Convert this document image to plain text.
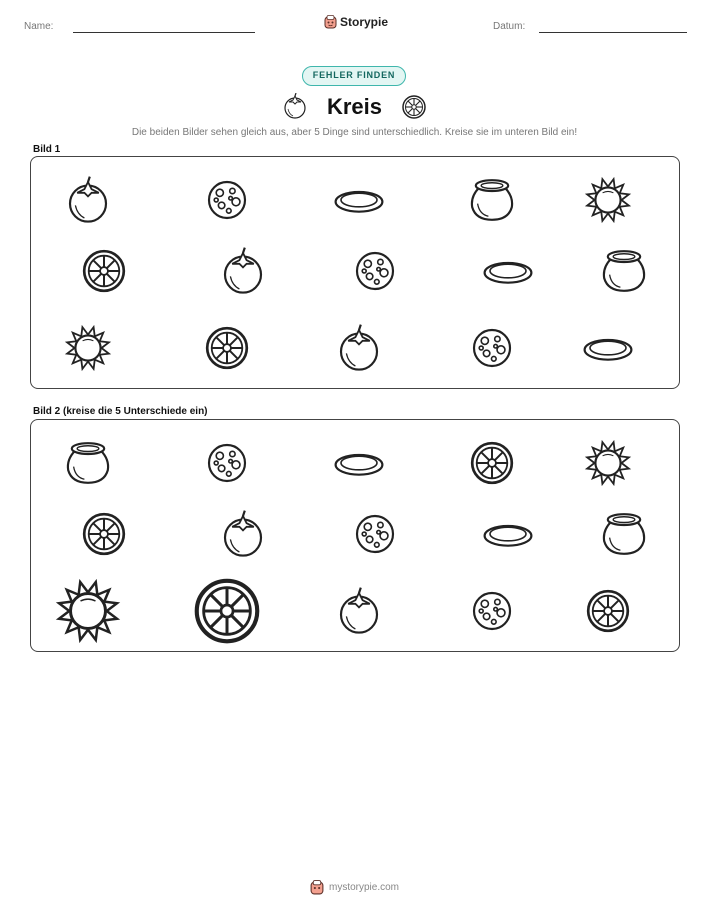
Name:	Storypie	Datum:
FEHLER FINDEN
Kreis
Die beiden Bilder sehen gleich aus, aber 5 Dinge sind unterschiedlich. Kreise sie im unteren Bild ein!
Bild 1
Bild 2 (kreise die 5 Unterschiede ein)
mystorypie.com
